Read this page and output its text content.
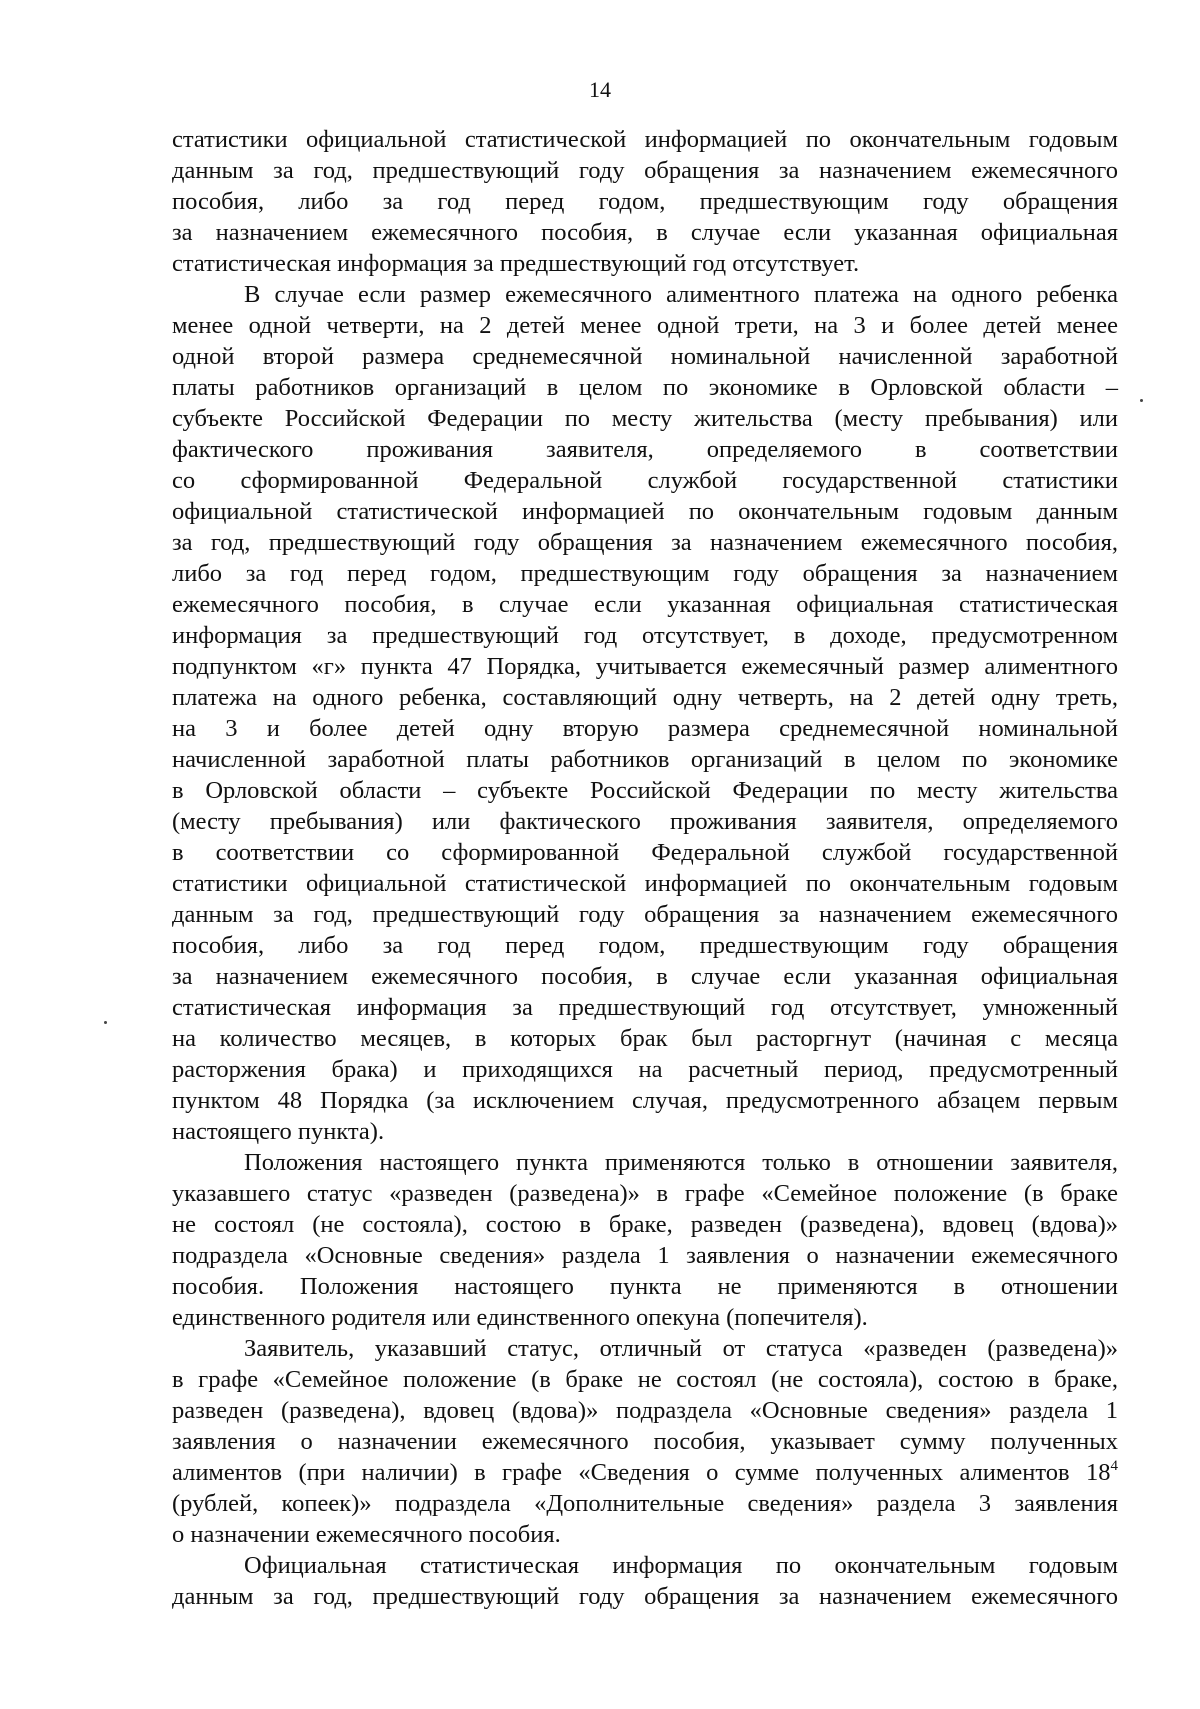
14
статистики официальной статистической информацией по окончательным годовым
данным за год, предшествующий году обращения за назначением ежемесячного
пособия, либо за год перед годом, предшествующим году обращения
за назначением ежемесячного пособия, в случае если указанная официальная
статистическая информация за предшествующий год отсутствует.
В случае если размер ежемесячного алиментного платежа на одного ребенка
менее одной четверти, на 2 детей менее одной трети, на 3 и более детей менее
одной второй размера среднемесячной номинальной начисленной заработной
платы работников организаций в целом по экономике в Орловской области –
субъекте Российской Федерации по месту жительства (месту пребывания) или
фактического проживания заявителя, определяемого в соответствии
со сформированной Федеральной службой государственной статистики
официальной статистической информацией по окончательным годовым данным
за год, предшествующий году обращения за назначением ежемесячного пособия,
либо за год перед годом, предшествующим году обращения за назначением
ежемесячного пособия, в случае если указанная официальная статистическая
информация за предшествующий год отсутствует, в доходе, предусмотренном
подпунктом «г» пункта 47 Порядка, учитывается ежемесячный размер алиментного
платежа на одного ребенка, составляющий одну четверть, на 2 детей одну треть,
на 3 и более детей одну вторую размера среднемесячной номинальной
начисленной заработной платы работников организаций в целом по экономике
в Орловской области – субъекте Российской Федерации по месту жительства
(месту пребывания) или фактического проживания заявителя, определяемого
в соответствии со сформированной Федеральной службой государственной
статистики официальной статистической информацией по окончательным годовым
данным за год, предшествующий году обращения за назначением ежемесячного
пособия, либо за год перед годом, предшествующим году обращения
за назначением ежемесячного пособия, в случае если указанная официальная
статистическая информация за предшествующий год отсутствует, умноженный
на количество месяцев, в которых брак был расторгнут (начиная с месяца
расторжения брака) и приходящихся на расчетный период, предусмотренный
пунктом 48 Порядка (за исключением случая, предусмотренного абзацем первым
настоящего пункта).
Положения настоящего пункта применяются только в отношении заявителя,
указавшего статус «разведен (разведена)» в графе «Семейное положение (в браке
не состоял (не состояла), состою в браке, разведен (разведена), вдовец (вдова)»
подраздела «Основные сведения» раздела 1 заявления о назначении ежемесячного
пособия. Положения настоящего пункта не применяются в отношении
единственного родителя или единственного опекуна (попечителя).
Заявитель, указавший статус, отличный от статуса «разведен (разведена)»
в графе «Семейное положение (в браке не состоял (не состояла), состою в браке,
разведен (разведена), вдовец (вдова)» подраздела «Основные сведения» раздела 1
заявления о назначении ежемесячного пособия, указывает сумму полученных
алиментов (при наличии) в графе «Сведения о сумме полученных алиментов $18^4$
(рублей, копеек)» подраздела «Дополнительные сведения» раздела 3 заявления
о назначении ежемесячного пособия.
Официальная статистическая информация по окончательным годовым
данным за год, предшествующий году обращения за назначением ежемесячного
